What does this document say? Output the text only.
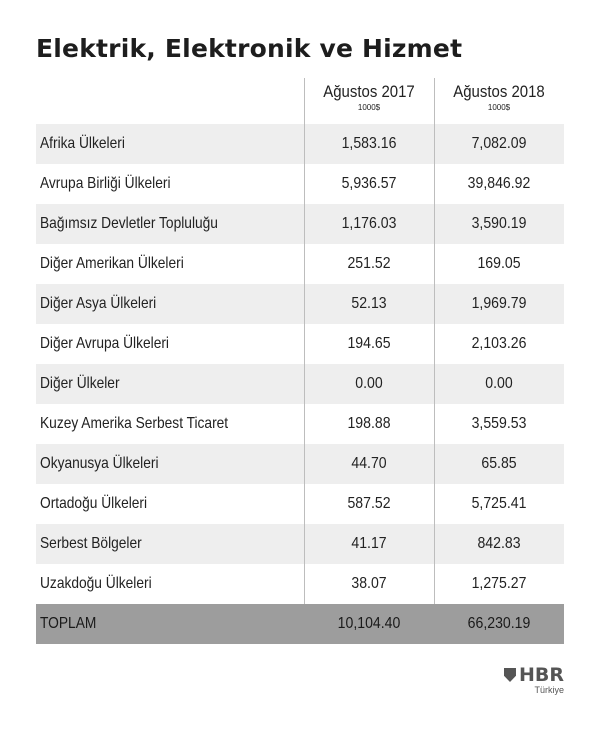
Elektrik, Elektronik ve Hizmet
Ağustos 2017
1000$
Ağustos 2018
1000$
Afrika Ülkeleri	1,583.16	7,082.09
Avrupa Birliği Ülkeleri	5,936.57	39,846.92
Bağımsız Devletler Topluluğu	1,176.03	3,590.19
Diğer Amerikan Ülkeleri	251.52	169.05
Diğer Asya Ülkeleri	52.13	1,969.79
Diğer Avrupa Ülkeleri	194.65	2,103.26
Diğer Ülkeler	0.00	0.00
Kuzey Amerika Serbest Ticaret	198.88	3,559.53
Okyanusya Ülkeleri	44.70	65.85
Ortadoğu Ülkeleri	587.52	5,725.41
Serbest Bölgeler	41.17	842.83
Uzakdoğu Ülkeleri	38.07	1,275.27
TOPLAM	10,104.40	66,230.19
HBR
Türkiye
